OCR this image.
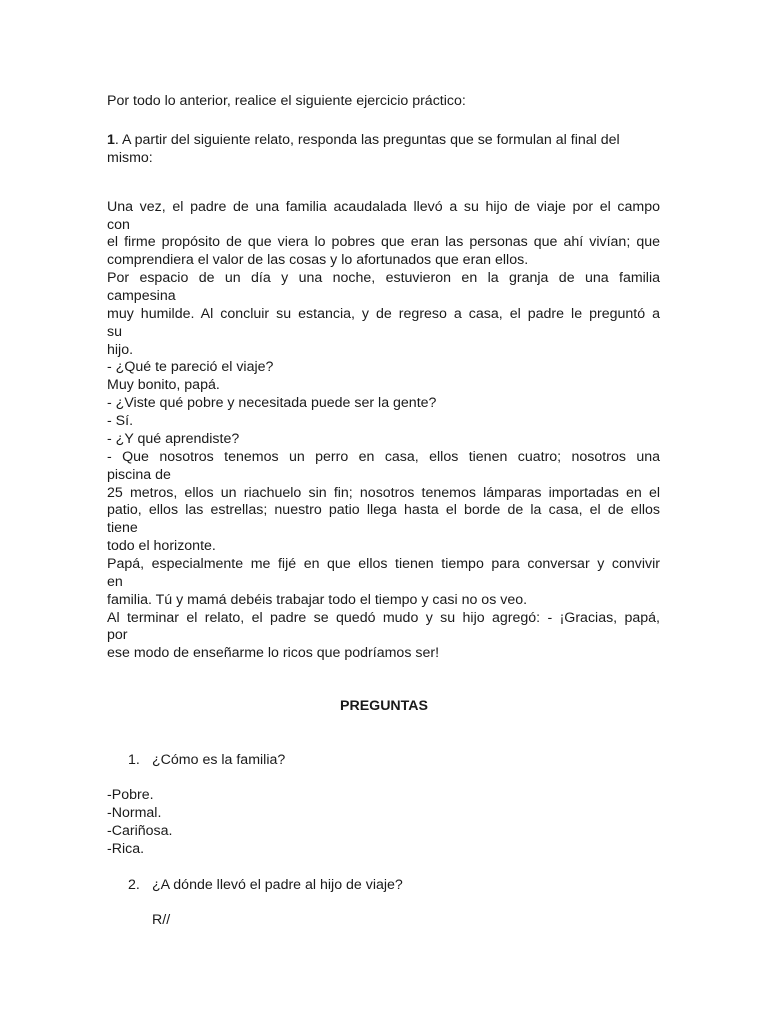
Por todo lo anterior, realice el siguiente ejercicio práctico:
1. A partir del siguiente relato, responda las preguntas que se formulan al final del
mismo:
Una vez, el padre de una familia acaudalada llevó a su hijo de viaje por el campo
con
el firme propósito de que viera lo pobres que eran las personas que ahí vivían; que
comprendiera el valor de las cosas y lo afortunados que eran ellos.
Por espacio de un día y una noche, estuvieron en la granja de una familia
campesina
muy humilde. Al concluir su estancia, y de regreso a casa, el padre le preguntó a
su
hijo.
- ¿Qué te pareció el viaje?
Muy bonito, papá.
- ¿Viste qué pobre y necesitada puede ser la gente?
- Sí.
- ¿Y qué aprendiste?
- Que nosotros tenemos un perro en casa, ellos tienen cuatro; nosotros una
piscina de
25 metros, ellos un riachuelo sin fin; nosotros tenemos lámparas importadas en el
patio, ellos las estrellas; nuestro patio llega hasta el borde de la casa, el de ellos
tiene
todo el horizonte.
Papá, especialmente me fijé en que ellos tienen tiempo para conversar y convivir
en
familia. Tú y mamá debéis trabajar todo el tiempo y casi no os veo.
Al terminar el relato, el padre se quedó mudo y su hijo agregó: - ¡Gracias, papá,
por
ese modo de enseñarme lo ricos que podríamos ser!
PREGUNTAS
1. ¿Cómo es la familia?
-Pobre.
-Normal.
-Cariñosa.
-Rica.
2. ¿A dónde llevó el padre al hijo de viaje?
R//
